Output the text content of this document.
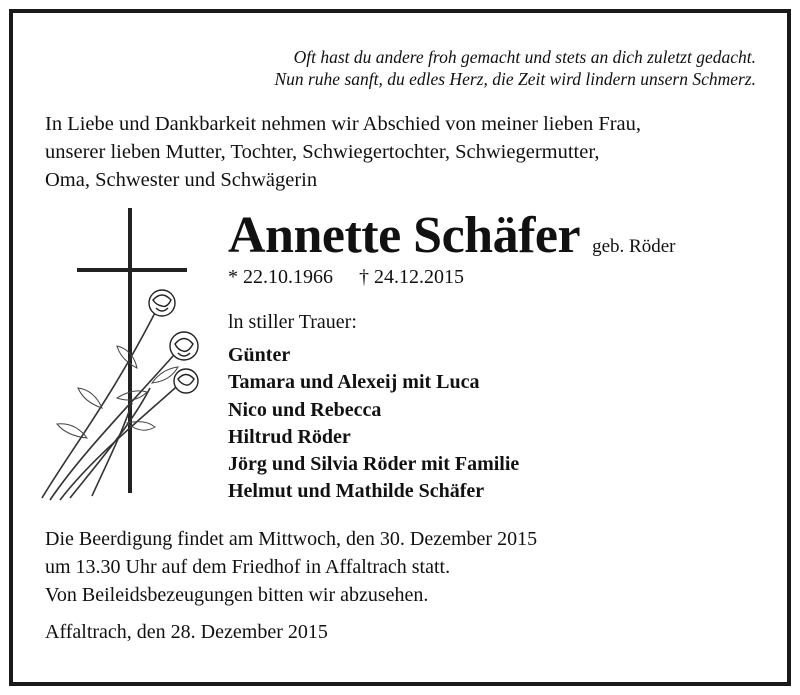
Oft hast du andere froh gemacht und stets an dich zuletzt gedacht.
Nun ruhe sanft, du edles Herz, die Zeit wird lindern unsern Schmerz.
In Liebe und Dankbarkeit nehmen wir Abschied von meiner lieben Frau,
unserer lieben Mutter, Tochter, Schwiegertochter, Schwiegermutter,
Oma, Schwester und Schwägerin
Annette Schäfer geb. Röder
* 22.10.1966 † 24.12.2015
ln stiller Trauer:
Günter
Tamara und Alexeij mit Luca
Nico und Rebecca
Hiltrud Röder
Jörg und Silvia Röder mit Familie
Helmut und Mathilde Schäfer
Die Beerdigung findet am Mittwoch, den 30. Dezember 2015
um 13.30 Uhr auf dem Friedhof in Affaltrach statt.
Von Beileidsbezeugungen bitten wir abzusehen.
Affaltrach, den 28. Dezember 2015
